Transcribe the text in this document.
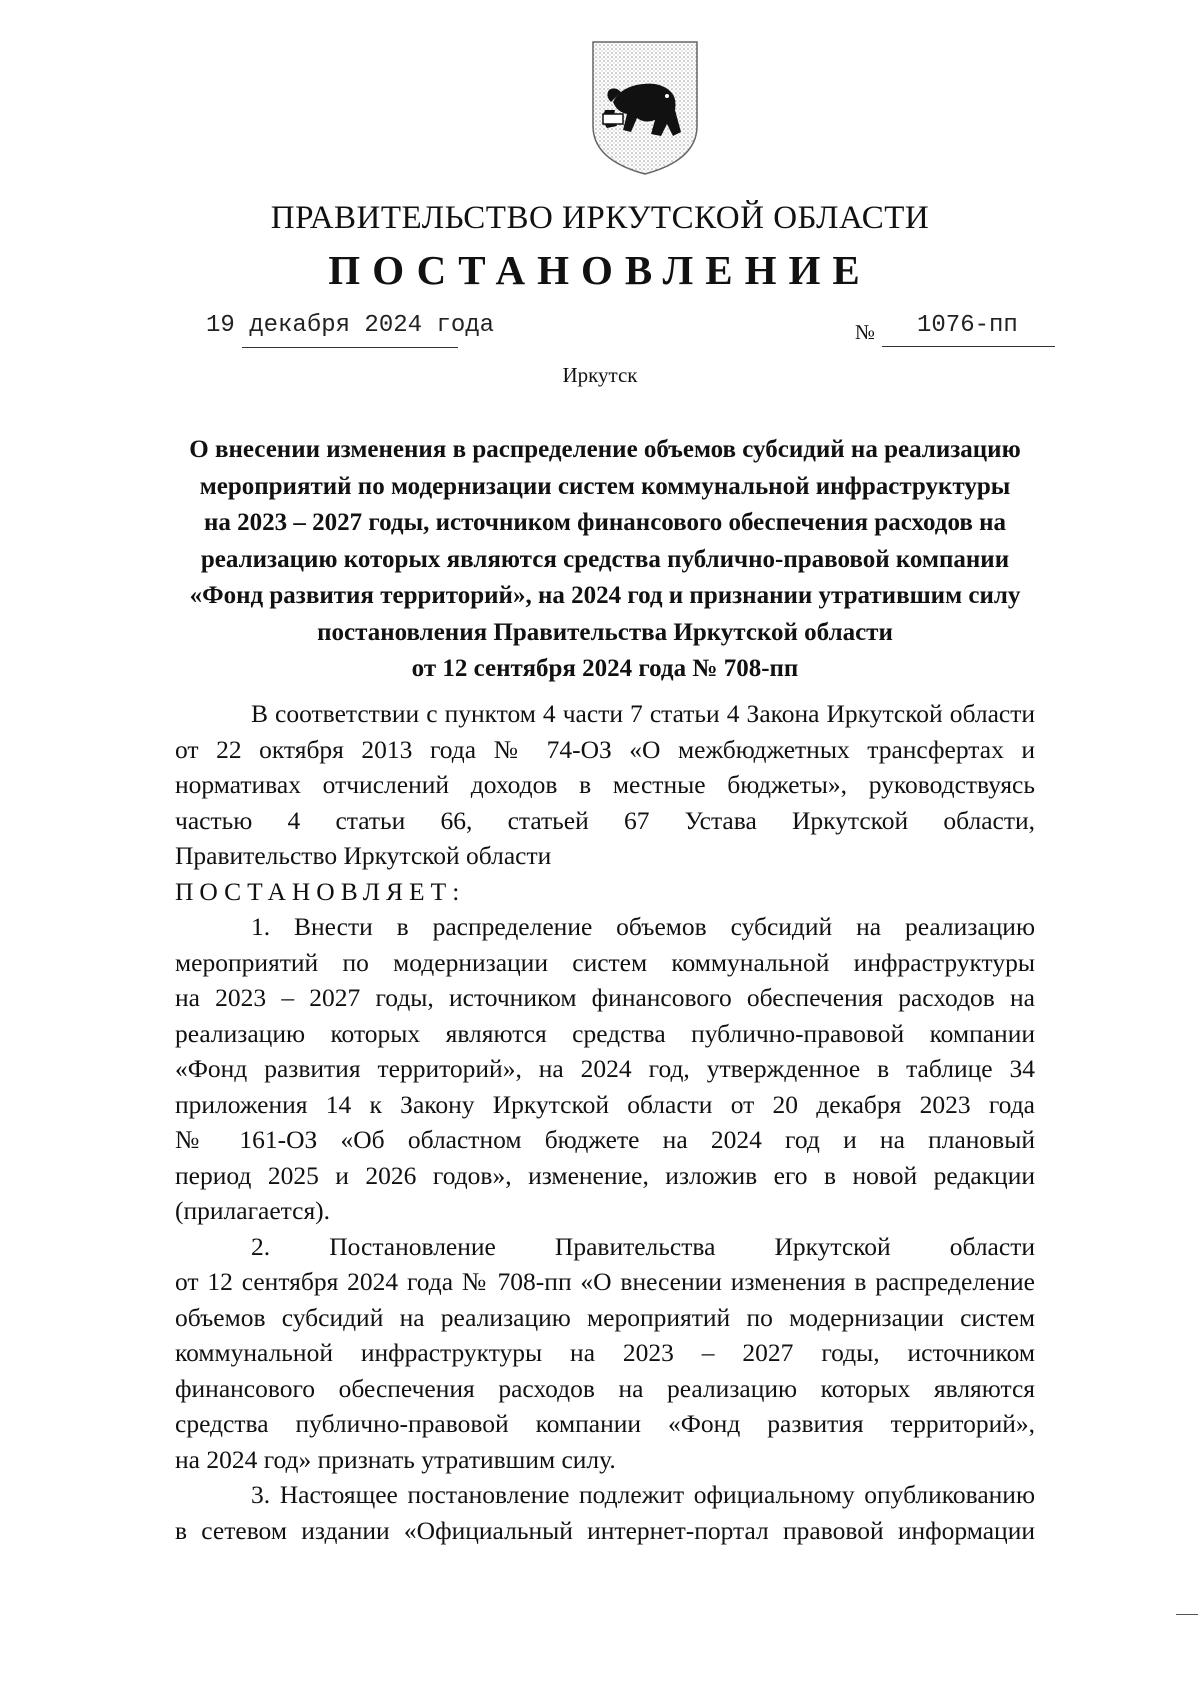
ПРАВИТЕЛЬСТВО ИРКУТСКОЙ ОБЛАСТИ
ПОСТАНОВЛЕНИЕ
19 декабря 2024 года	№ 1076-пп
Иркутск
О внесении изменения в распределение объемов субсидий на реализацию
мероприятий по модернизации систем коммунальной инфраструктуры
на 2023 – 2027 годы, источником финансового обеспечения расходов на
реализацию которых являются средства публично-правовой компании
«Фонд развития территорий», на 2024 год и признании утратившим силу
постановления Правительства Иркутской области
от 12 сентября 2024 года № 708-пп
В соответствии с пунктом 4 части 7 статьи 4 Закона Иркутской области
от 22 октября 2013 года № 74-ОЗ «О межбюджетных трансфертах и
нормативах отчислений доходов в местные бюджеты», руководствуясь
частью 4 статьи 66, статьей 67 Устава Иркутской области,
Правительство Иркутской области
ПОСТАНОВЛЯЕТ:
1. Внести в распределение объемов субсидий на реализацию
мероприятий по модернизации систем коммунальной инфраструктуры
на 2023 – 2027 годы, источником финансового обеспечения расходов на
реализацию которых являются средства публично-правовой компании
«Фонд развития территорий», на 2024 год, утвержденное в таблице 34
приложения 14 к Закону Иркутской области от 20 декабря 2023 года
№ 161-ОЗ «Об областном бюджете на 2024 год и на плановый
период 2025 и 2026 годов», изменение, изложив его в новой редакции
(прилагается).
2. Постановление Правительства Иркутской области
от 12 сентября 2024 года № 708-пп «О внесении изменения в распределение
объемов субсидий на реализацию мероприятий по модернизации систем
коммунальной инфраструктуры на 2023 – 2027 годы, источником
финансового обеспечения расходов на реализацию которых являются
средства публично-правовой компании «Фонд развития территорий»,
на 2024 год» признать утратившим силу.
3. Настоящее постановление подлежит официальному опубликованию
в сетевом издании «Официальный интернет-портал правовой информации
